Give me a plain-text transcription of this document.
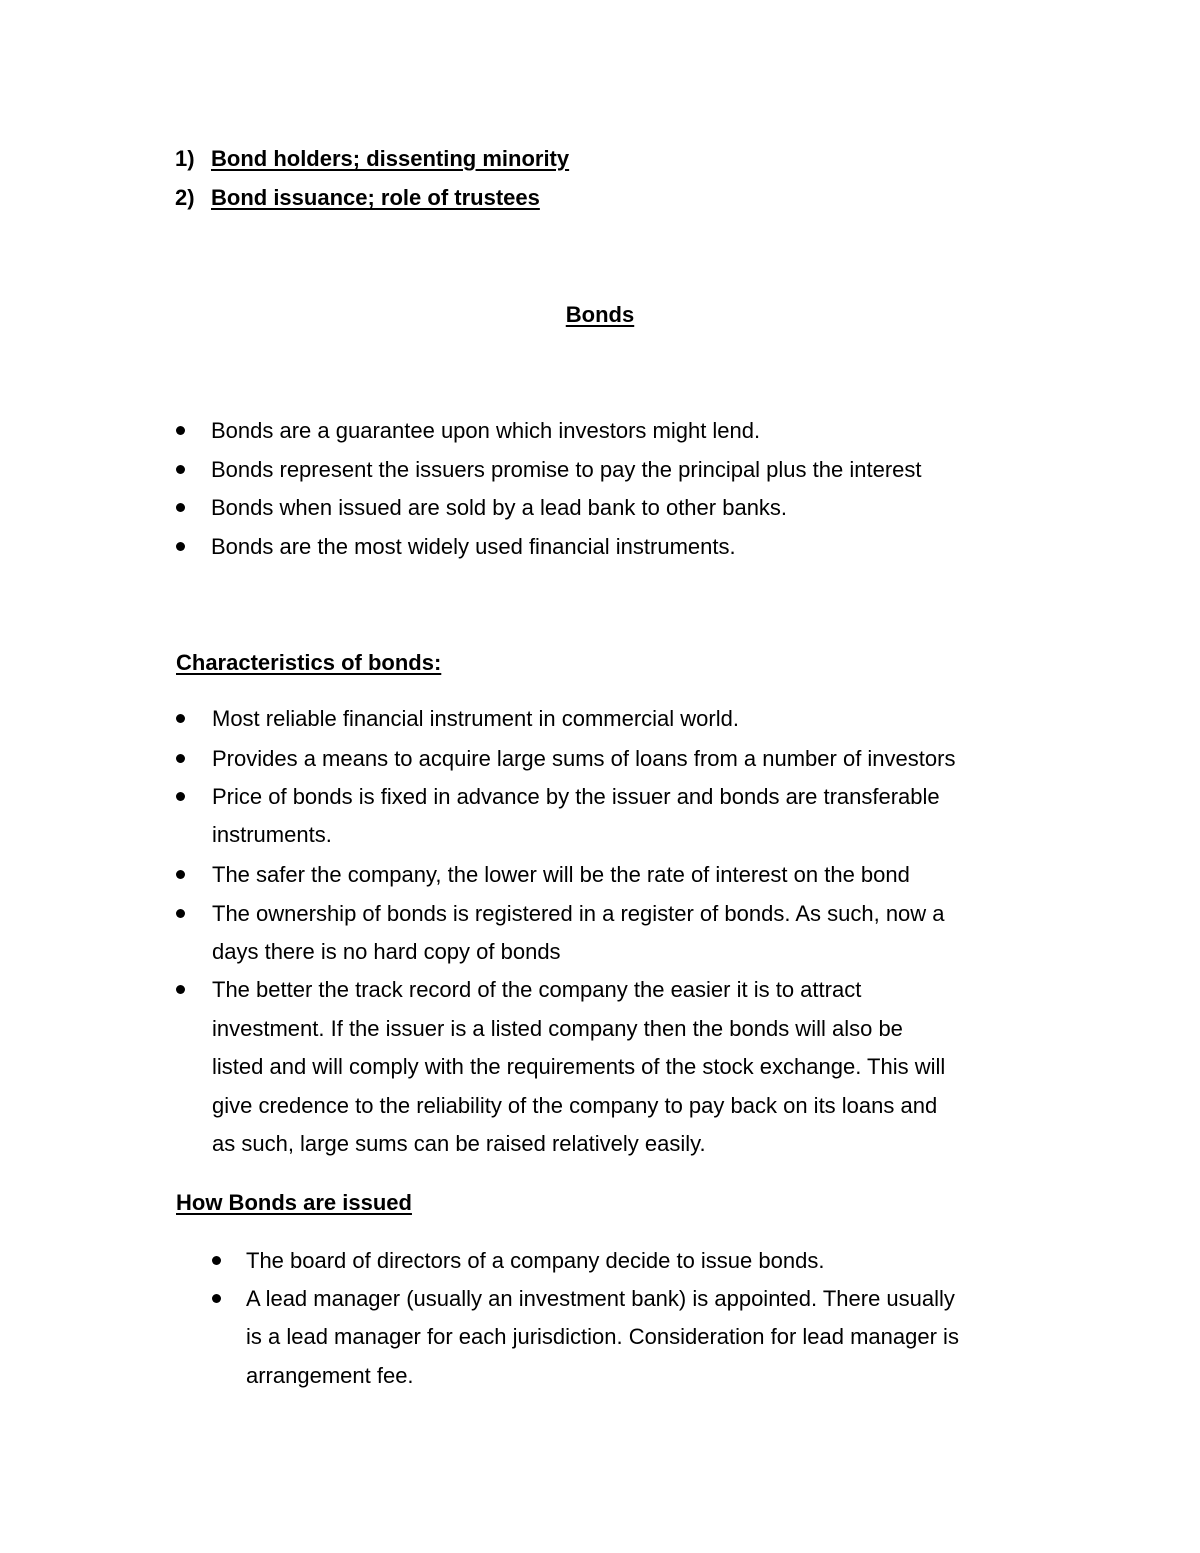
1) Bond holders; dissenting minority
2) Bond issuance; role of trustees
Bonds
Bonds are a guarantee upon which investors might lend.
Bonds represent the issuers promise to pay the principal plus the interest
Bonds when issued are sold by a lead bank to other banks.
Bonds are the most widely used financial instruments.
Characteristics of bonds:
Most reliable financial instrument in commercial world.
Provides a means to acquire large sums of loans from a number of investors
Price of bonds is fixed in advance by the issuer and bonds are transferable
instruments.
The safer the company, the lower will be the rate of interest on the bond
The ownership of bonds is registered in a register of bonds. As such, now a
days there is no hard copy of bonds
The better the track record of the company the easier it is to attract
investment. If the issuer is a listed company then the bonds will also be
listed and will comply with the requirements of the stock exchange. This will
give credence to the reliability of the company to pay back on its loans and
as such, large sums can be raised relatively easily.
How Bonds are issued
The board of directors of a company decide to issue bonds.
A lead manager (usually an investment bank) is appointed. There usually
is a lead manager for each jurisdiction. Consideration for lead manager is
arrangement fee.
